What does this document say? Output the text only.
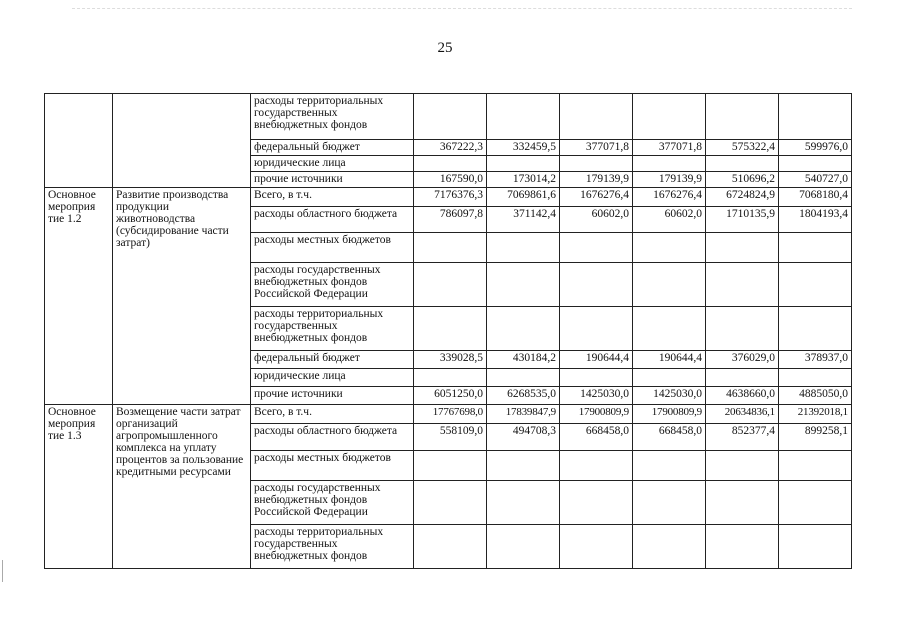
25
		расходы территориальных государственных внебюджетных фондов						
		федеральный бюджет	367222,3	332459,5	377071,8	377071,8	575322,4	599976,0
		юридические лица						
		прочие источники	167590,0	173014,2	179139,9	179139,9	510696,2	540727,0
Основное мероприя тие 1.2	Развитие производства продукции животноводства (субсидирование части затрат)	Всего, в т.ч.	7176376,3	7069861,6	1676276,4	1676276,4	6724824,9	7068180,4
		расходы областного бюджета	786097,8	371142,4	60602,0	60602,0	1710135,9	1804193,4
		расходы местных бюджетов						
		расходы государственных внебюджетных фондов Российской Федерации						
		расходы территориальных государственных внебюджетных фондов						
		федеральный бюджет	339028,5	430184,2	190644,4	190644,4	376029,0	378937,0
		юридические лица						
		прочие источники	6051250,0	6268535,0	1425030,0	1425030,0	4638660,0	4885050,0
Основное мероприя тие 1.3	Возмещение части затрат организаций агропромышленного комплекса на уплату процентов за пользование кредитными ресурсами	Всего, в т.ч.	17767698,0	17839847,9	17900809,9	17900809,9	20634836,1	21392018,1
		расходы областного бюджета	558109,0	494708,3	668458,0	668458,0	852377,4	899258,1
		расходы местных бюджетов						
		расходы государственных внебюджетных фондов Российской Федерации						
		расходы территориальных государственных внебюджетных фондов						
